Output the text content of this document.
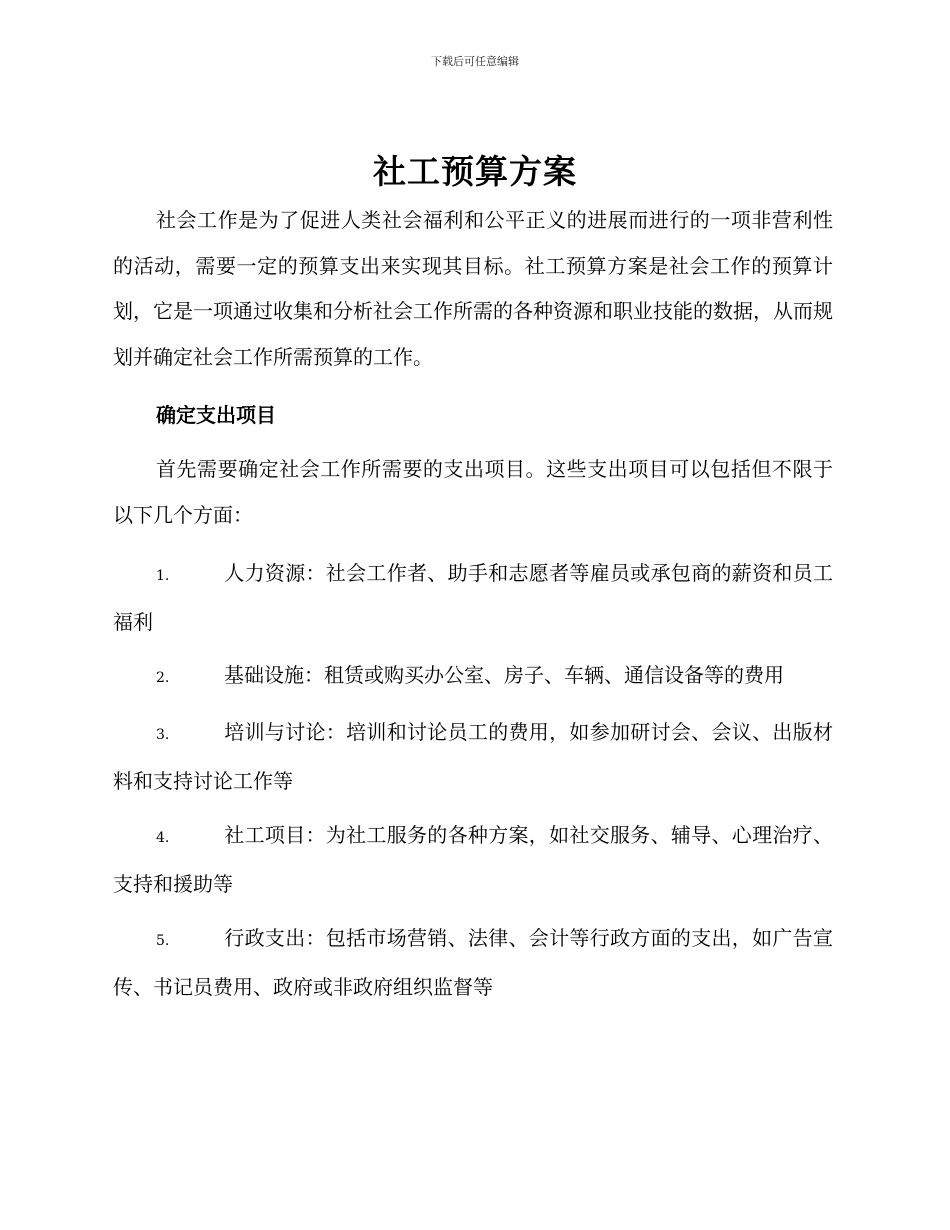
下载后可任意编辑
社工预算方案

社会工作是为了促进人类社会福利和公平正义的进展而进行的一项非营利性的活动，需要一定的预算支出来实现其目标。社工预算方案是社会工作的预算计划，它是一项通过收集和分析社会工作所需的各种资源和职业技能的数据，从而规划并确定社会工作所需预算的工作。

确定支出项目

首先需要确定社会工作所需要的支出项目。这些支出项目可以包括但不限于以下几个方面：

1.	人力资源：社会工作者、助手和志愿者等雇员或承包商的薪资和员工福利
2.	基础设施：租赁或购买办公室、房子、车辆、通信设备等的费用
3.	培训与讨论：培训和讨论员工的费用，如参加研讨会、会议、出版材料和支持讨论工作等
4.	社工项目：为社工服务的各种方案，如社交服务、辅导、心理治疗、支持和援助等
5.	行政支出：包括市场营销、法律、会计等行政方面的支出，如广告宣传、书记员费用、政府或非政府组织监督等
